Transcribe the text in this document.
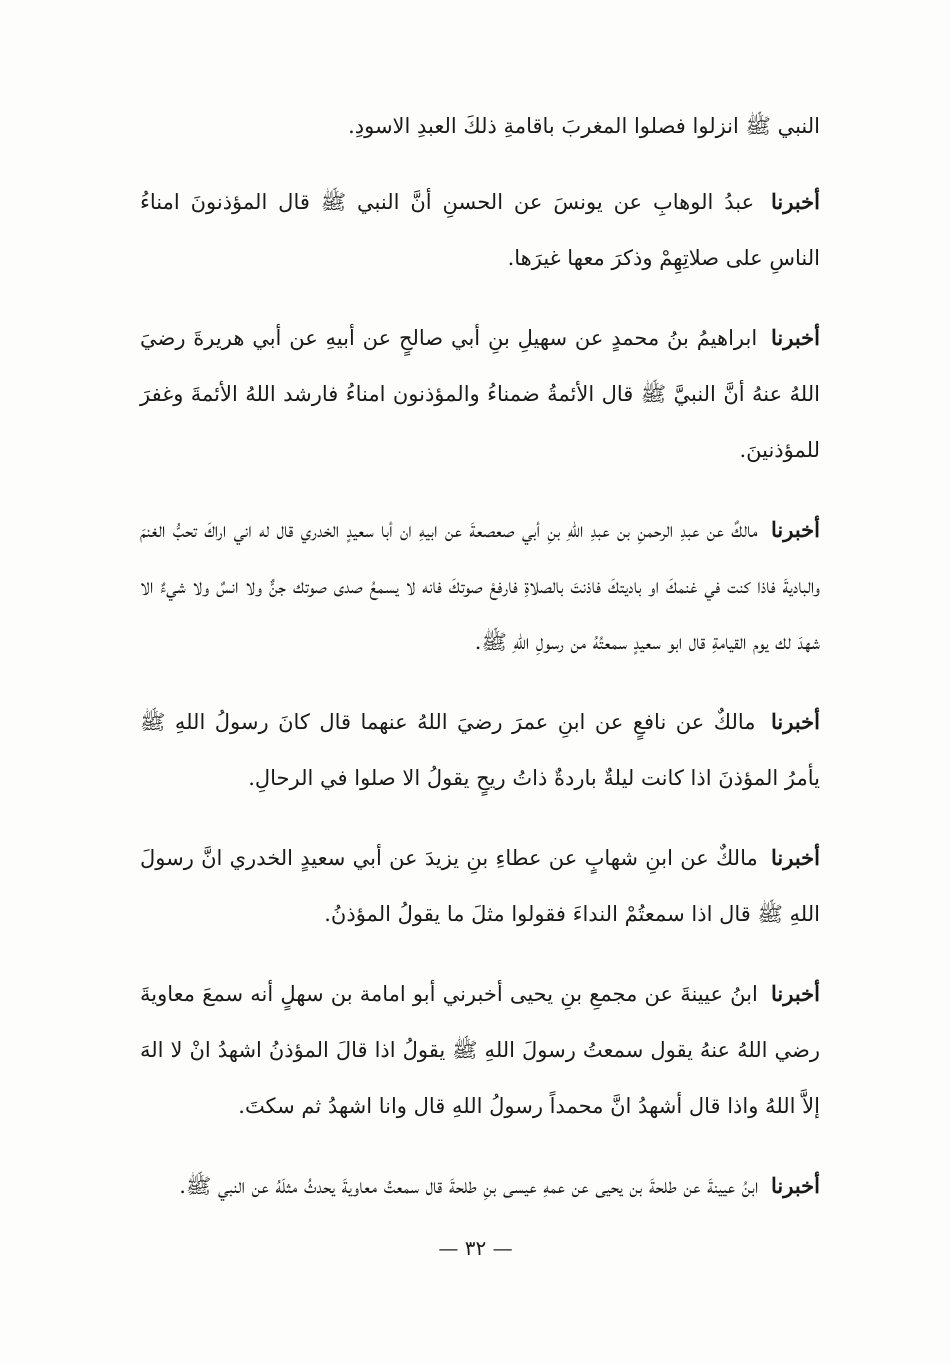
النبي ﷺ انزلوا فصلوا المغربَ باقامةِ ذلكَ العبدِ الاسودِ.

أخبرنا عبدُ الوهابِ عن يونسَ عن الحسنِ أنَّ النبي ﷺ قال المؤذنونَ امناءُ الناسِ على صلاتِهِمْ وذكرَ معها غيرَها.

أخبرنا ابراهيمُ بنُ محمدٍ عن سهيلِ بنِ أبي صالحٍ عن أبيهِ عن أبي هريرةَ رضيَ اللهُ عنهُ أنَّ النبيَّ ﷺ قال الأئمةُ ضمناءُ والمؤذنون امناءُ فارشد اللهُ الأئمةَ وغفرَ للمؤذنينَ.

أخبرنا مالكٌ عن عبدِ الرحمنِ بن عبدِ اللهِ بنِ أبي صعصعةَ عن ابيهِ ان أبا سعيدٍ الخدري قال له اني اراكَ تحبُّ الغنمَ والباديةَ فاذا كنت في غنمكَ او باديتكَ فاذنتَ بالصلاةِ فارفعْ صوتكَ فانه لا يسمعُ صدى صوتك جنٌّ ولا انسٌ ولا شيءٌ الا شهدَ لك يوم القيامةِ قال ابو سعيدٍ سمعتُهُ من رسولِ اللهِ ﷺ.

أخبرنا مالكٌ عن نافعٍ عن ابنِ عمرَ رضيَ اللهُ عنهما قال كانَ رسولُ اللهِ ﷺ يأمرُ المؤذنَ اذا كانت ليلةٌ باردةٌ ذاتُ ريحٍ يقولُ الا صلوا في الرحالِ.

أخبرنا مالكٌ عن ابنِ شهابٍ عن عطاءِ بنِ يزيدَ عن أبي سعيدٍ الخدري انَّ رسولَ اللهِ ﷺ قال اذا سمعتُمْ النداءَ فقولوا مثلَ ما يقولُ المؤذنُ.

أخبرنا ابنُ عيينةَ عن مجمعِ بنِ يحيى أخبرني أبو امامة بن سهلٍ أنه سمعَ معاويةَ رضي اللهُ عنهُ يقول سمعتُ رسولَ اللهِ ﷺ يقولُ اذا قالَ المؤذنُ اشهدُ انْ لا الهَ إلاَّ اللهُ واذا قال أشهدُ انَّ محمداً رسولُ اللهِ قال وانا اشهدُ ثم سكتَ.

أخبرنا ابنُ عيينةَ عن طلحةَ بن يحيى عن عمهِ عيسى بنِ طلحةَ قال سمعتُ معاويةَ يحدثُ مثلَهُ عن النبي ﷺ.

— ٣٢ —
